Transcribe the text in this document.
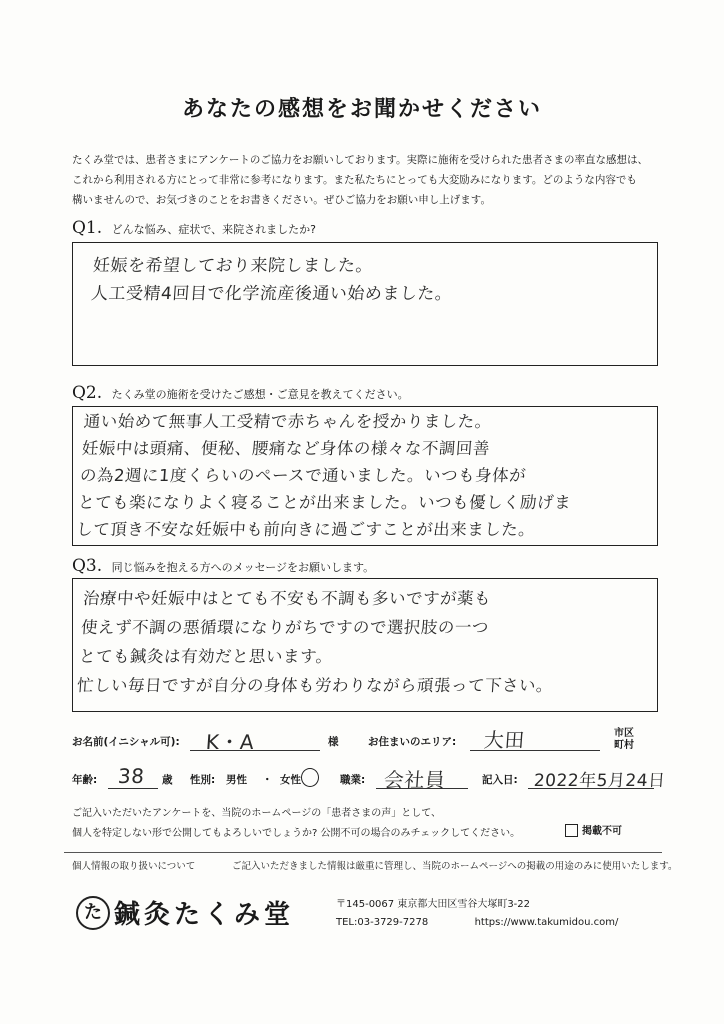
あなたの感想をお聞かせください
たくみ堂では、患者さまにアンケートのご協力をお願いしております。実際に施術を受けられた患者さまの率直な感想は、
これから利用される方にとって非常に参考になります。また私たちにとっても大変励みになります。どのような内容でも
構いませんので、お気づきのことをお書きください。ぜひご協力をお願い申し上げます。
Q1. どんな悩み、症状で、来院されましたか?
妊娠を希望しており来院しました。
人工受精4回目で化学流産後通い始めました。
Q2. たくみ堂の施術を受けたご感想・ご意見を教えてください。
通い始めて無事人工受精で赤ちゃんを授かりました。
妊娠中は頭痛、便秘、腰痛など身体の様々な不調回善
の為2週に1度くらいのペースで通いました。いつも身体が
とても楽になりよく寝ることが出来ました。いつも優しく励げま
して頂き不安な妊娠中も前向きに過ごすことが出来ました。
Q3. 同じ悩みを抱える方へのメッセージをお願いします。
治療中や妊娠中はとても不安も不調も多いですが薬も
使えず不調の悪循環になりがちですので選択肢の一つ
とても鍼灸は有効だと思います。
忙しい毎日ですが自分の身体も労わりながら頑張って下さい。
お名前(イニシャル可): K・A	様	お住まいのエリア: 大田	市区
町村
年齢: 38 歳 性別: 男性 ・ 女性	職業: 会社員	記入日: 2022年5月24日
ご記入いただいたアンケートを、当院のホームページの「患者さまの声」として、
個人を特定しない形で公開してもよろしいでしょうか? 公開不可の場合のみチェックしてください。	掲載不可
個人情報の取り扱いについて	ご記入いただきました情報は厳重に管理し、当院のホームページへの掲載の用途のみに使用いたします。
た 鍼灸たくみ堂	〒145-0067 東京都大田区雪谷大塚町3-22
TEL:03-3729-7278	https://www.takumidou.com/
